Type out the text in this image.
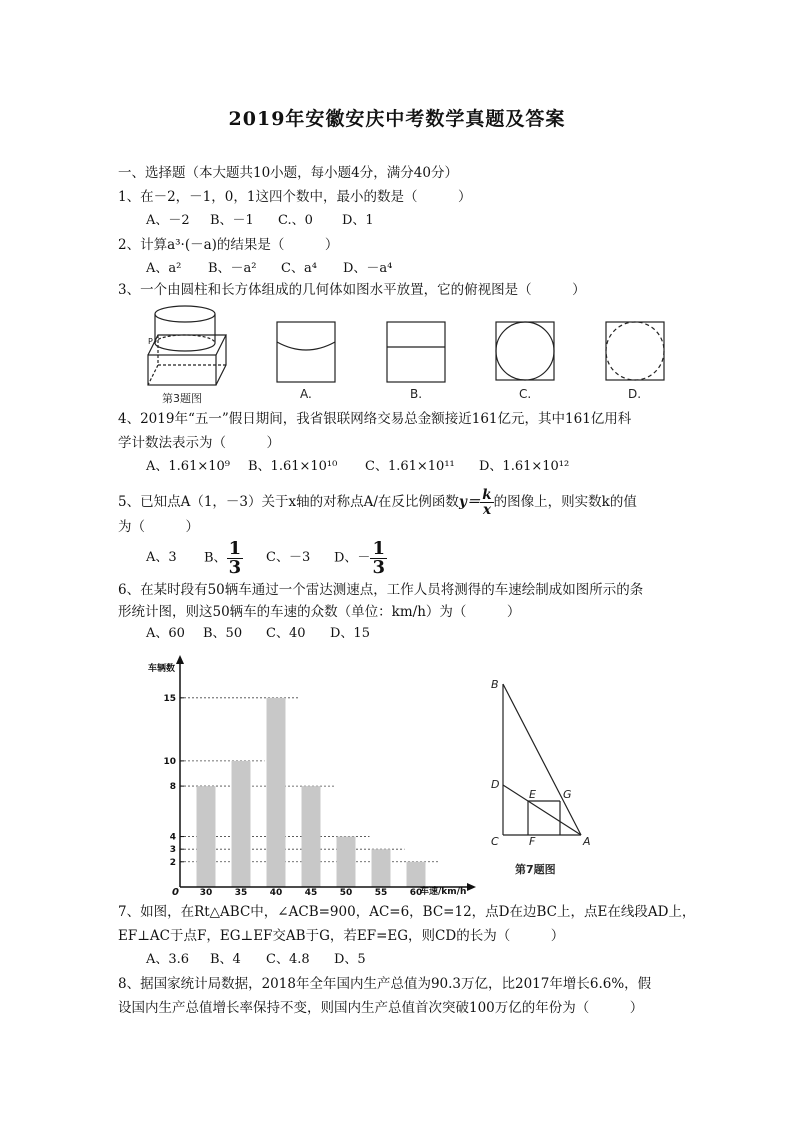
2019年安徽安庆中考数学真题及答案
一、选择题（本大题共10小题，每小题4分，满分40分）
1、在－2，－1，0，1这四个数中，最小的数是（　　　）
A、－2 B、－1 C.、0 D、1
2、计算a³·(－a)的结果是（　　　）
A、a² B、－a² C、a⁴ D、－a⁴
3、一个由圆柱和长方体组成的几何体如图水平放置，它的俯视图是（　　　）
P
第3题图	A.	B.	C.	D.
4、2019年“五一”假日期间，我省银联网络交易总金额接近161亿元，其中161亿用科
学计数法表示为（　　　）
A、1.61×10⁹ B、1.61×10¹⁰ C、1.61×10¹¹ D、1.61×10¹²
5、已知点A（1，－3）关于x轴的对称点A/在反比例函数$y= \frac{k}{x}$ 的图像上，则实数k的值
为（　　　）
A、3 B、 $\frac{1}{3}$ C、－3 D、－ $\frac{1}{3}$
6、在某时段有50辆车通过一个雷达测速点，工作人员将测得的车速绘制成如图所示的条
形统计图，则这50辆车的车速的众数（单位：km/h）为（　　　）
A、60 B、50 C、40 D、15
车辆数
车速/km/h
0
2
3
4
8
10
15
30 35 40 45 50 55 60
B
D
E G
C	F	A
第7题图
7、如图，在Rt△ABC中，∠ACB=900，AC=6，BC=12，点D在边BC上，点E在线段AD上，
EF⊥AC于点F，EG⊥EF交AB于G，若EF=EG，则CD的长为（　　　）
A、3.6 B、4 C、4.8 D、5
8、据国家统计局数据，2018年全年国内生产总值为90.3万亿，比2017年增长6.6%，假
设国内生产总值增长率保持不变，则国内生产总值首次突破100万亿的年份为（　　　）
